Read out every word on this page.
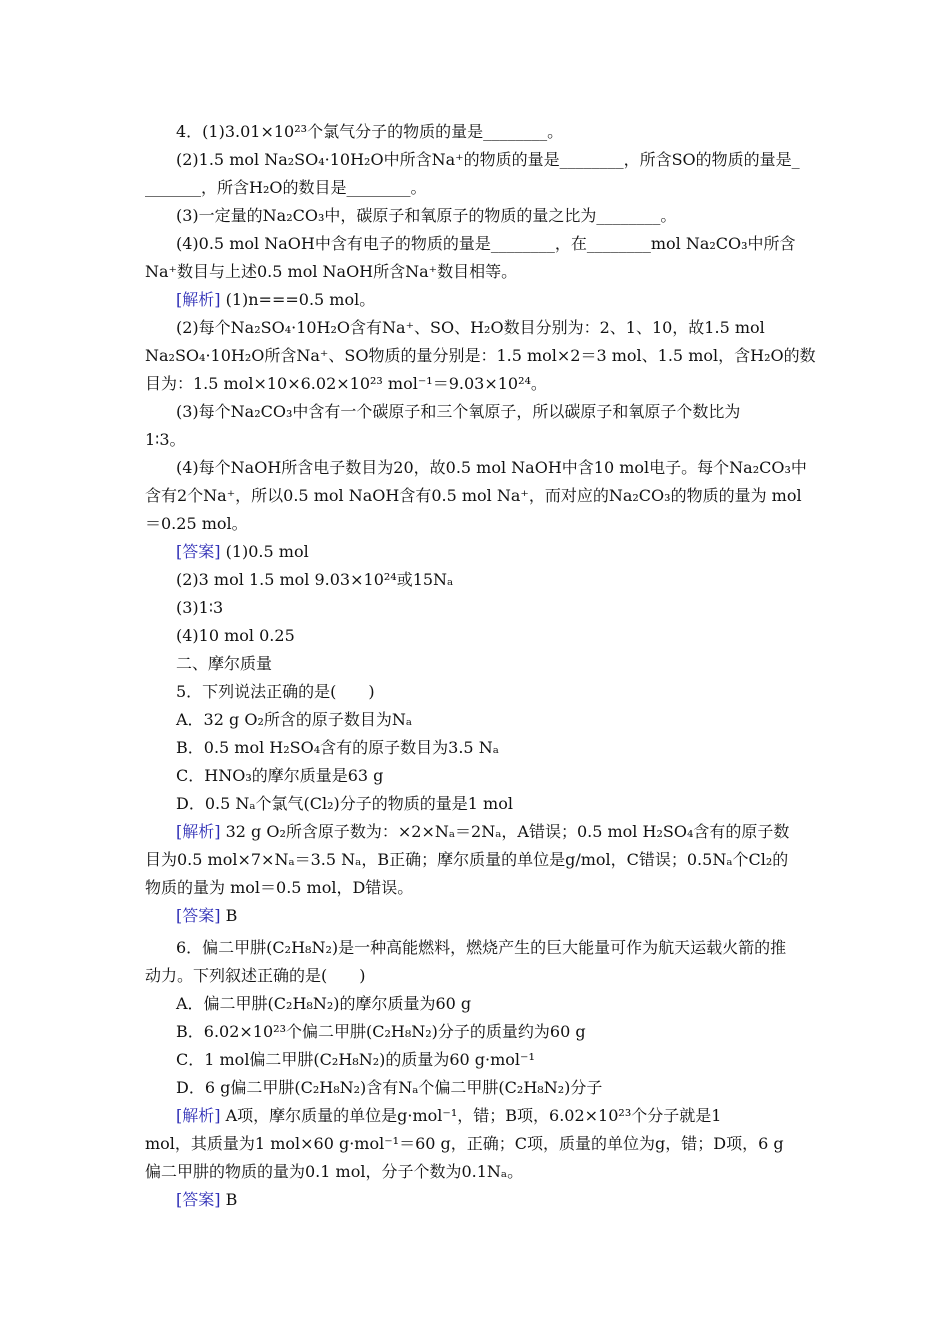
4．(1)3.01×10²³个氯气分子的物质的量是________。
(2)1.5 mol Na₂SO₄·10H₂O中所含Na⁺的物质的量是________，所含SO的物质的量是_
_______，所含H₂O的数目是________。
(3)一定量的Na₂CO₃中，碳原子和氧原子的物质的量之比为________。
(4)0.5 mol NaOH中含有电子的物质的量是________，在________mol Na₂CO₃中所含
Na⁺数目与上述0.5 mol NaOH所含Na⁺数目相等。
[解析] (1)n===0.5 mol。
(2)每个Na₂SO₄·10H₂O含有Na⁺、SO、H₂O数目分别为：2、1、10，故1.5 mol
Na₂SO₄·10H₂O所含Na⁺、SO物质的量分别是：1.5 mol×2＝3 mol、1.5 mol，含H₂O的数
目为：1.5 mol×10×6.02×10²³ mol⁻¹＝9.03×10²⁴。
(3)每个Na₂CO₃中含有一个碳原子和三个氧原子，所以碳原子和氧原子个数比为
1∶3。
(4)每个NaOH所含电子数目为20，故0.5 mol NaOH中含10 mol电子。每个Na₂CO₃中
含有2个Na⁺，所以0.5 mol NaOH含有0.5 mol Na⁺，而对应的Na₂CO₃的物质的量为 mol
＝0.25 mol。
[答案] (1)0.5 mol
(2)3 mol 1.5 mol 9.03×10²⁴或15Nₐ
(3)1∶3
(4)10 mol 0.25
二、摩尔质量
5．下列说法正确的是(　　)
A．32 g O₂所含的原子数目为Nₐ
B．0.5 mol H₂SO₄含有的原子数目为3.5 Nₐ
C．HNO₃的摩尔质量是63 g
D．0.5 Nₐ个氯气(Cl₂)分子的物质的量是1 mol
[解析] 32 g O₂所含原子数为：×2×Nₐ＝2Nₐ，A错误；0.5 mol H₂SO₄含有的原子数
目为0.5 mol×7×Nₐ＝3.5 Nₐ，B正确；摩尔质量的单位是g/mol，C错误；0.5Nₐ个Cl₂的
物质的量为 mol＝0.5 mol，D错误。
[答案] B
6．偏二甲肼(C₂H₈N₂)是一种高能燃料，燃烧产生的巨大能量可作为航天运载火箭的推
动力。下列叙述正确的是(　　)
A．偏二甲肼(C₂H₈N₂)的摩尔质量为60 g
B．6.02×10²³个偏二甲肼(C₂H₈N₂)分子的质量约为60 g
C．1 mol偏二甲肼(C₂H₈N₂)的质量为60 g·mol⁻¹
D．6 g偏二甲肼(C₂H₈N₂)含有Nₐ个偏二甲肼(C₂H₈N₂)分子
[解析] A项，摩尔质量的单位是g·mol⁻¹，错；B项，6.02×10²³个分子就是1
mol，其质量为1 mol×60 g·mol⁻¹＝60 g，正确；C项，质量的单位为g，错；D项，6 g
偏二甲肼的物质的量为0.1 mol，分子个数为0.1Nₐ。
[答案] B
